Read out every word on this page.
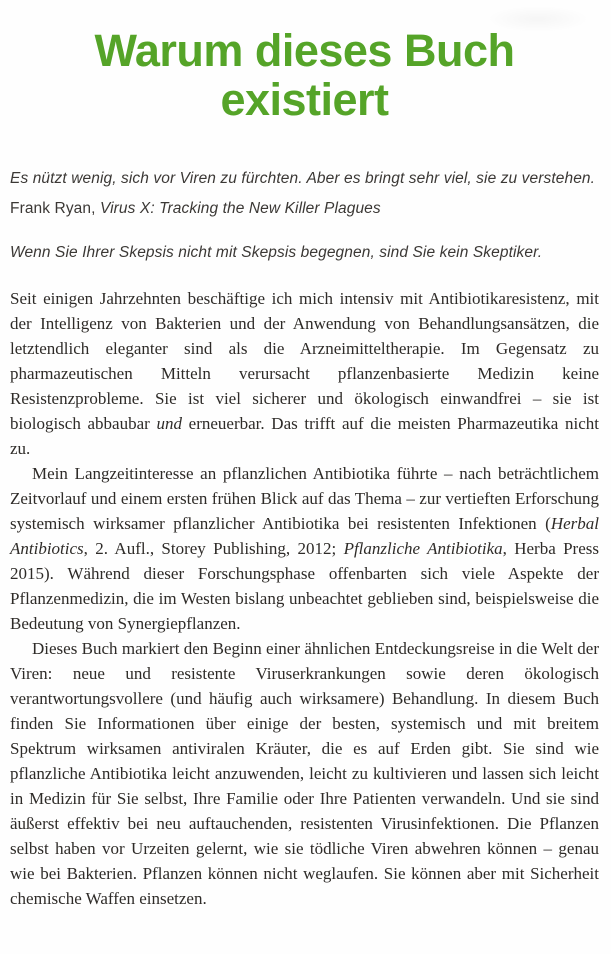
Warum dieses Buch
existiert

Es nützt wenig, sich vor Viren zu fürchten. Aber es bringt sehr viel, sie zu verstehen.

Frank Ryan, Virus X: Tracking the New Killer Plagues

Wenn Sie Ihrer Skepsis nicht mit Skepsis begegnen, sind Sie kein Skeptiker.

Seit einigen Jahrzehnten beschäftige ich mich intensiv mit Antibiotikaresistenz, mit der Intelligenz von Bakterien und der Anwendung von Behandlungsansätzen, die letztendlich eleganter sind als die Arzneimitteltherapie. Im Gegensatz zu pharmazeutischen Mitteln verursacht pflanzenbasierte Medizin keine Resistenzprobleme. Sie ist viel sicherer und ökologisch einwandfrei – sie ist biologisch abbaubar und erneuerbar. Das trifft auf die meisten Pharmazeutika nicht zu.

Mein Langzeitinteresse an pflanzlichen Antibiotika führte – nach beträchtlichem Zeitvorlauf und einem ersten frühen Blick auf das Thema – zur vertieften Erforschung systemisch wirksamer pflanzlicher Antibiotika bei resistenten Infektionen (Herbal Antibiotics, 2. Aufl., Storey Publishing, 2012; Pflanzliche Antibiotika, Herba Press 2015). Während dieser Forschungsphase offenbarten sich viele Aspekte der Pflanzenmedizin, die im Westen bislang unbeachtet geblieben sind, beispielsweise die Bedeutung von Synergiepflanzen.

Dieses Buch markiert den Beginn einer ähnlichen Entdeckungsreise in die Welt der Viren: neue und resistente Viruserkrankungen sowie deren ökologisch verantwortungsvollere (und häufig auch wirksamere) Behandlung. In diesem Buch finden Sie Informationen über einige der besten, systemisch und mit breitem Spektrum wirksamen antiviralen Kräuter, die es auf Erden gibt. Sie sind wie pflanzliche Antibiotika leicht anzuwenden, leicht zu kultivieren und lassen sich leicht in Medizin für Sie selbst, Ihre Familie oder Ihre Patienten verwandeln. Und sie sind äußerst effektiv bei neu auftauchenden, resistenten Virusinfektionen. Die Pflanzen selbst haben vor Urzeiten gelernt, wie sie tödliche Viren abwehren können – genau wie bei Bakterien. Pflanzen können nicht weglaufen. Sie können aber mit Sicherheit chemische Waffen einsetzen.
